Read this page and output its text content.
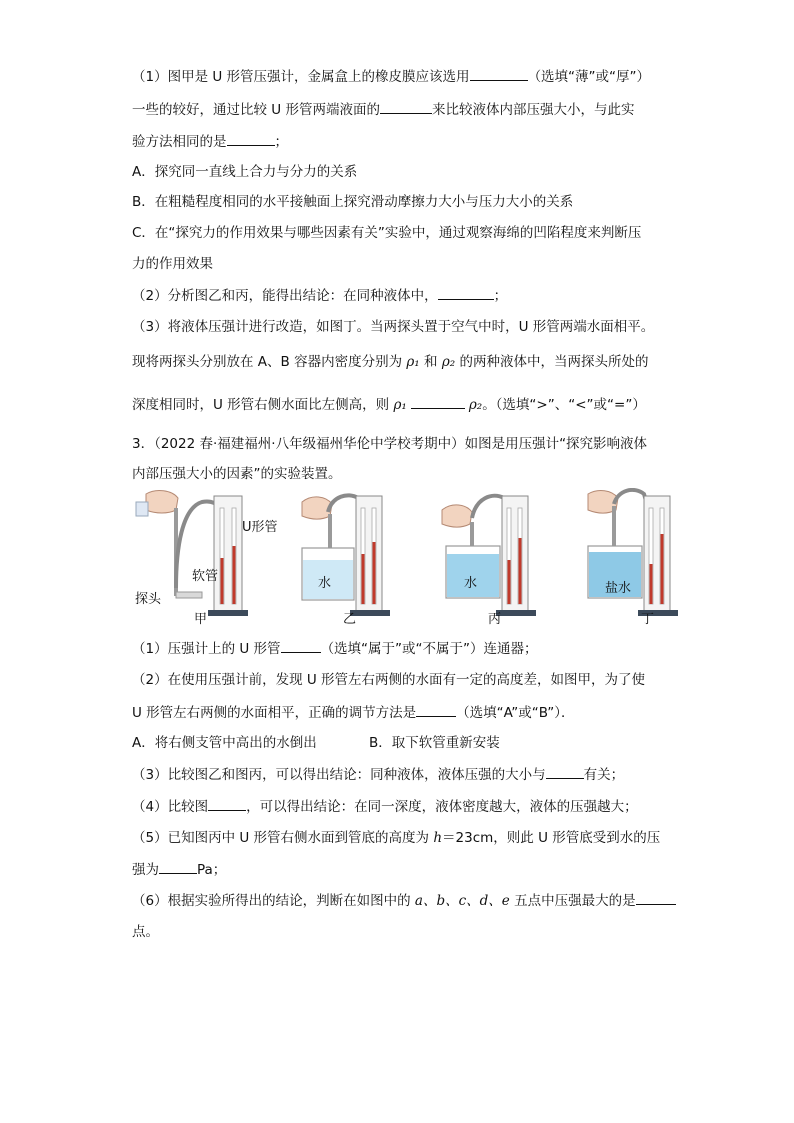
（1）图甲是 U 形管压强计，金属盒上的橡皮膜应该选用	（选填“薄”或“厚”）
一些的较好，通过比较 U 形管两端液面的	来比较液体内部压强大小，与此实
验方法相同的是	；
A．探究同一直线上合力与分力的关系
B．在粗糙程度相同的水平接触面上探究滑动摩擦力大小与压力大小的关系
C．在“探究力的作用效果与哪些因素有关”实验中，通过观察海绵的凹陷程度来判断压
力的作用效果
（2）分析图乙和丙，能得出结论：在同种液体中，	；
（3）将液体压强计进行改造，如图丁。当两探头置于空气中时，U 形管两端水面相平。
现将两探头分别放在 A、B 容器内密度分别为 ρ₁ 和 ρ₂ 的两种液体中，当两探头所处的
深度相同时，U 形管右侧水面比左侧高，则 ρ₁	ρ₂。（选填“>”、“<”或“=”）
3．（2022 春·福建福州·八年级福州华伦中学校考期中）如图是用压强计“探究影响液体
内部压强大小的因素”的实验装置。
U形管
软管
探头
水	水	盐水
甲	乙	丙	丁
（1）压强计上的 U 形管	（选填“属于”或“不属于”）连通器；
（2）在使用压强计前，发现 U 形管左右两侧的水面有一定的高度差，如图甲，为了使
U 形管左右两侧的水面相平，正确的调节方法是	（选填“A”或“B”）．
A．将右侧支管中高出的水倒出	B．取下软管重新安装
（3）比较图乙和图丙，可以得出结论：同种液体，液体压强的大小与	有关；
（4）比较图	，可以得出结论：在同一深度，液体密度越大，液体的压强越大；
（5）已知图丙中 U 形管右侧水面到管底的高度为 h＝23cm，则此 U 形管底受到水的压
强为	Pa；
（6）根据实验所得出的结论，判断在如图中的 a、b、c、d、e 五点中压强最大的是
点。
